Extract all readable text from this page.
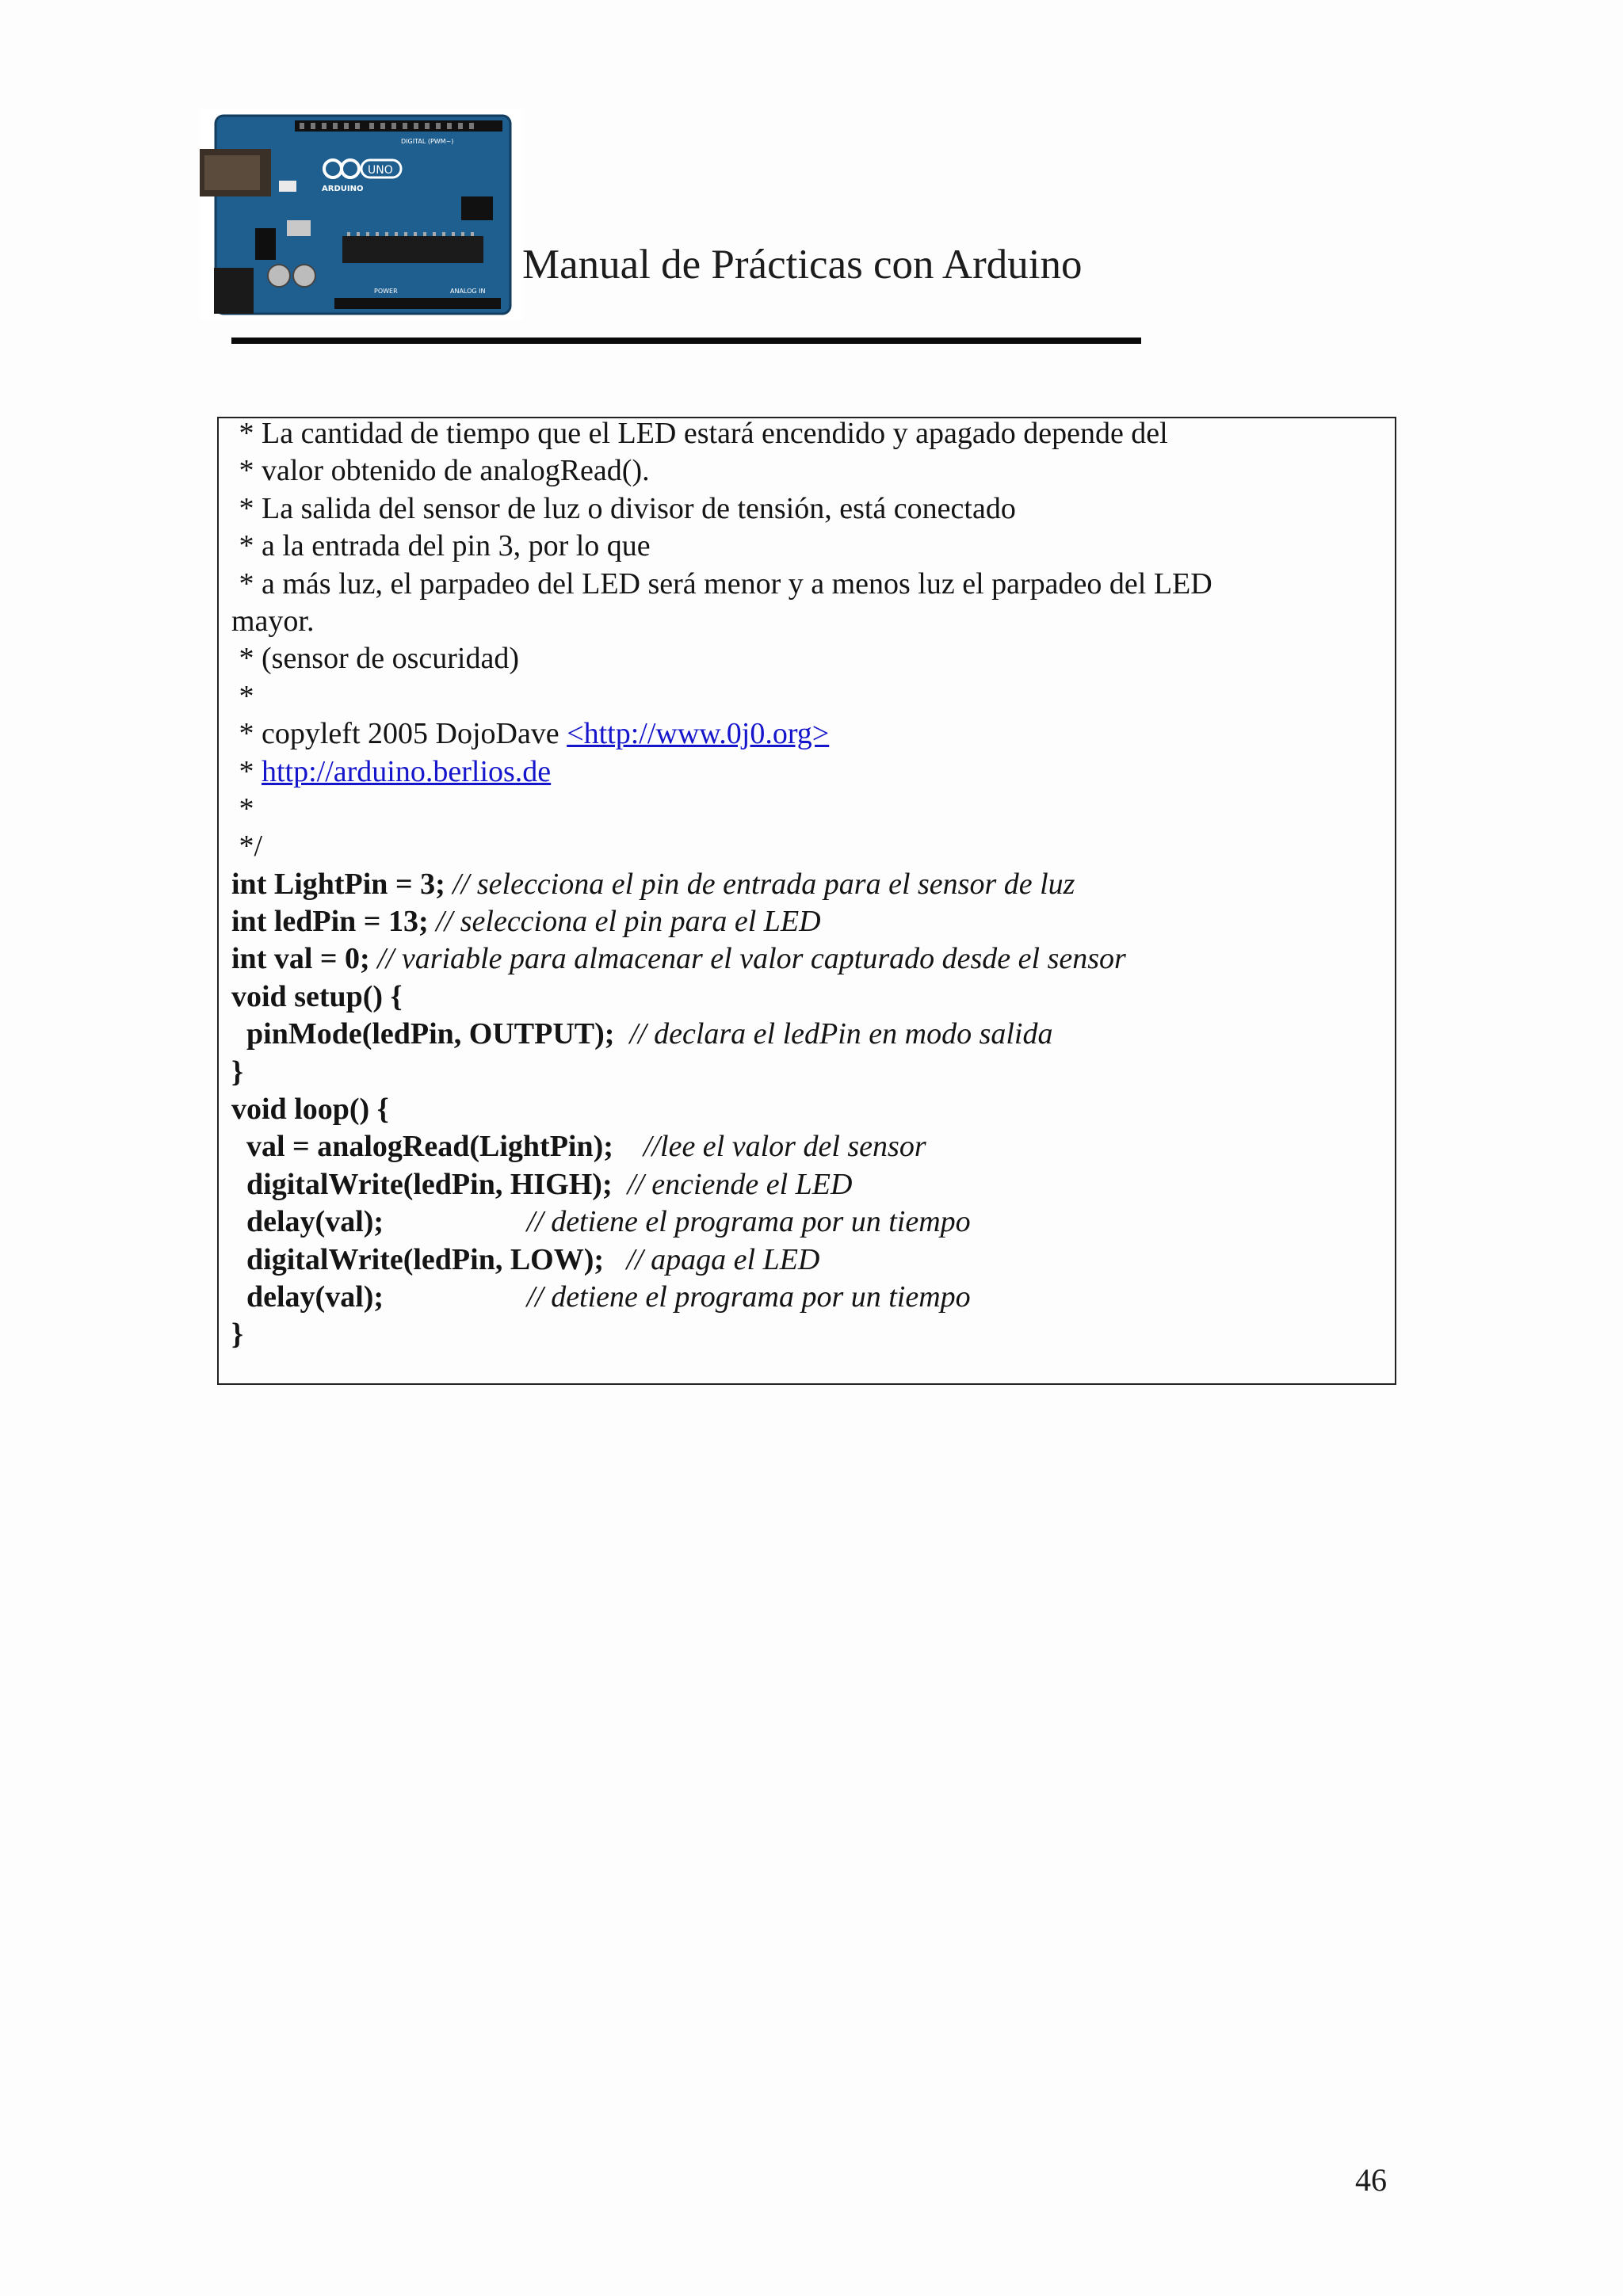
UNO
ARDUINO
DIGITAL (PWM~)
POWER	ANALOG IN
Manual de Prácticas con Arduino
* La cantidad de tiempo que el LED estará encendido y apagado depende del
* valor obtenido de analogRead().
* La salida del sensor de luz o divisor de tensión, está conectado
* a la entrada del pin 3, por lo que
* a más luz, el parpadeo del LED será menor y a menos luz el parpadeo del LED
mayor.
* (sensor de oscuridad)
*
* copyleft 2005 DojoDave <http://www.0j0.org>
* http://arduino.berlios.de
*
*/
int LightPin = 3; // selecciona el pin de entrada para el sensor de luz
int ledPin = 13; // selecciona el pin para el LED
int val = 0; // variable para almacenar el valor capturado desde el sensor
void setup() {
pinMode(ledPin, OUTPUT);  // declara el ledPin en modo salida
}
void loop() {
val = analogRead(LightPin);    //lee el valor del sensor
digitalWrite(ledPin, HIGH);  // enciende el LED
delay(val);                   // detiene el programa por un tiempo
digitalWrite(ledPin, LOW);   // apaga el LED
delay(val);                   // detiene el programa por un tiempo
}
46
